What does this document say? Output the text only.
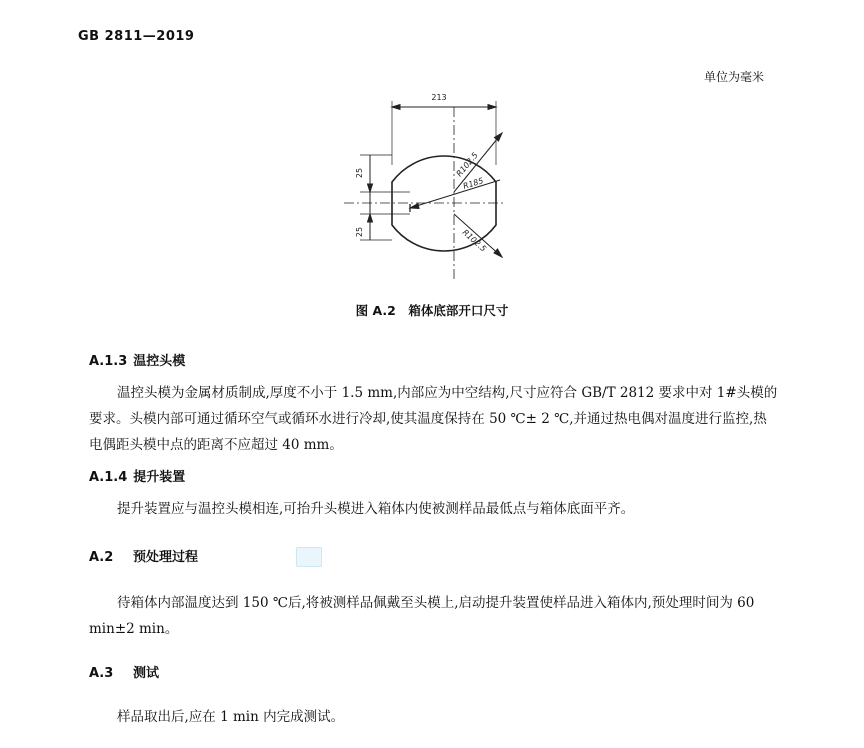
GB 2811—2019
单位为毫米
213
25
25
R102.5
R185
R102.5
图 A.2　箱体底部开口尺寸
A.1.3 温控头模
温控头模为金属材质制成,厚度不小于 1.5 mm,内部应为中空结构,尺寸应符合 GB/T 2812 要求中对 1#头模的要求。头模内部可通过循环空气或循环水进行冷却,使其温度保持在 50 ℃± 2 ℃,并通过热电偶对温度进行监控,热电偶距头模中点的距离不应超过 40 mm。
A.1.4 提升装置
提升装置应与温控头模相连,可抬升头模进入箱体内使被测样品最低点与箱体底面平齐。
A.2 预处理过程
待箱体内部温度达到 150 ℃后,将被测样品佩戴至头模上,启动提升装置使样品进入箱体内,预处理时间为 60 min±2 min。
A.3 测试
样品取出后,应在 1 min 内完成测试。
